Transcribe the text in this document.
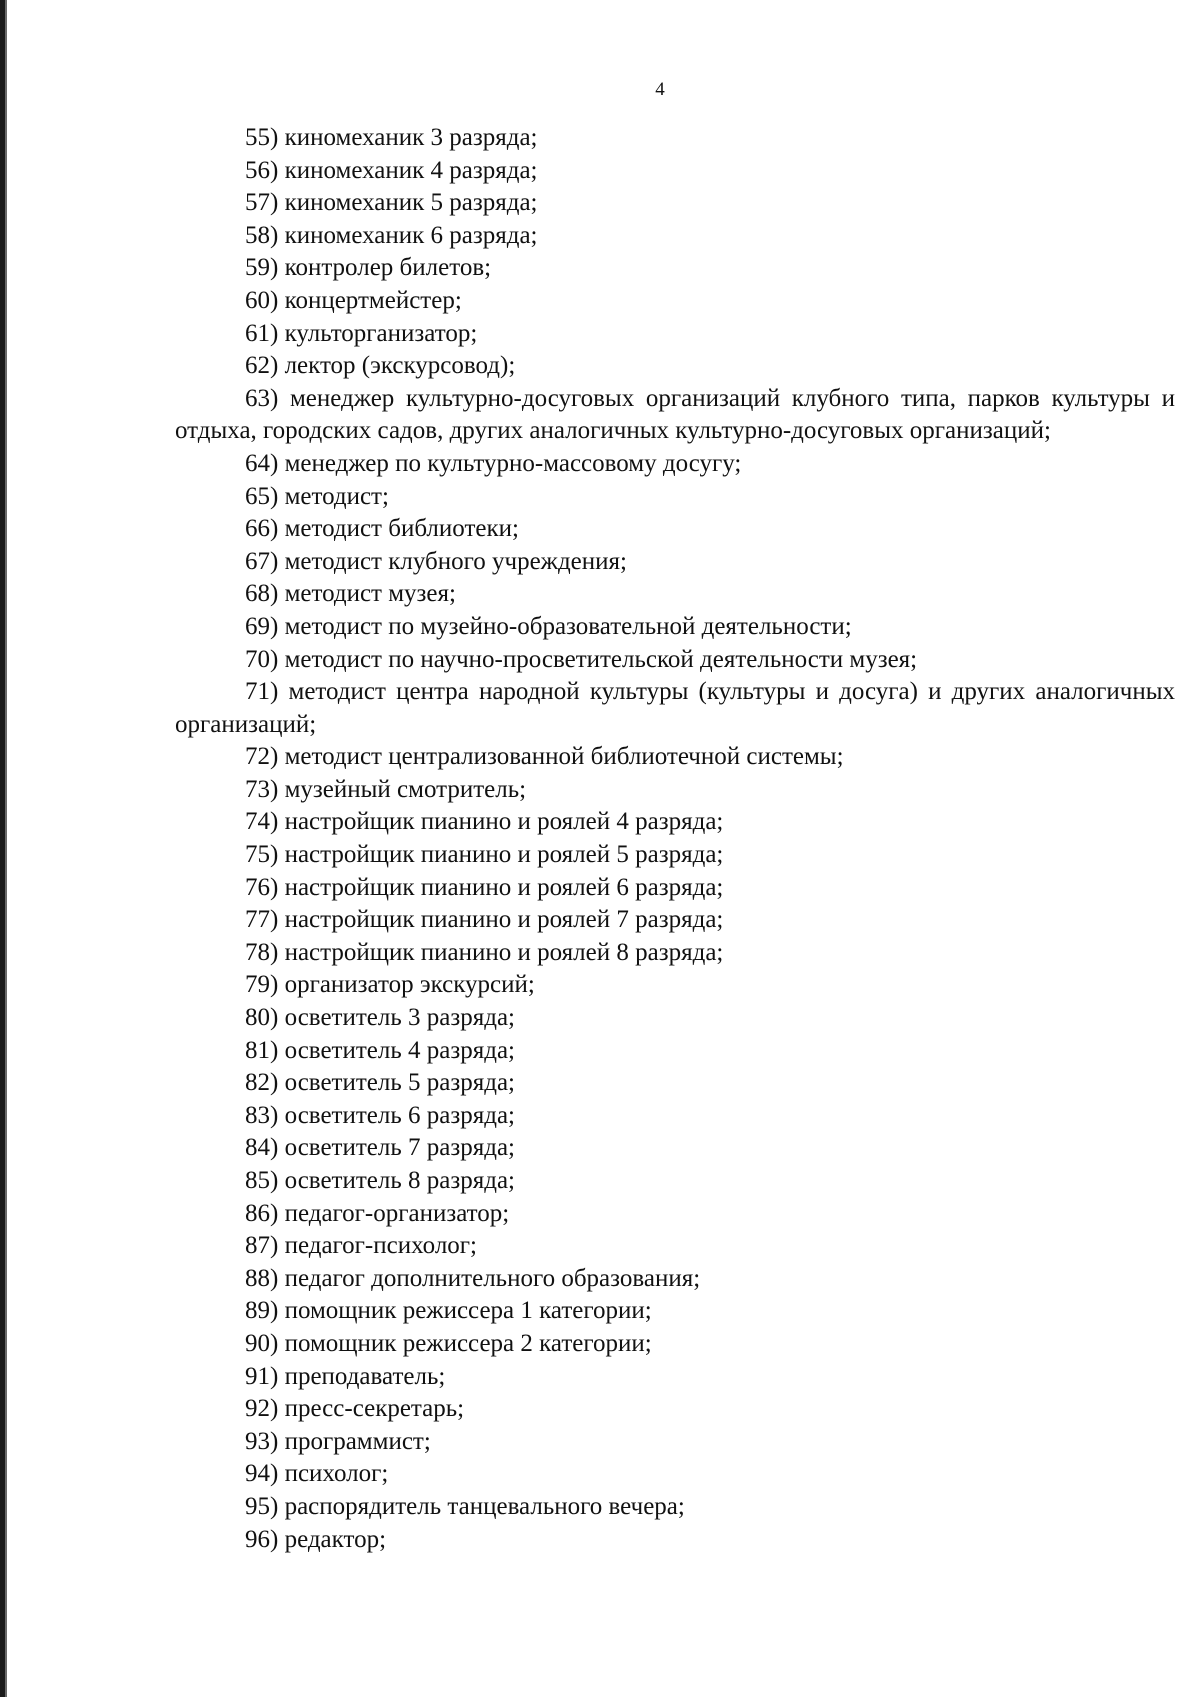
4
55) киномеханик 3 разряда;
56) киномеханик 4 разряда;
57) киномеханик 5 разряда;
58) киномеханик 6 разряда;
59) контролер билетов;
60) концертмейстер;
61) культорганизатор;
62) лектор (экскурсовод);
63) менеджер культурно-досуговых организаций клубного типа, парков культуры и отдыха, городских садов, других аналогичных культурно-досуговых организаций;
64) менеджер по культурно-массовому досугу;
65) методист;
66) методист библиотеки;
67) методист клубного учреждения;
68) методист музея;
69) методист по музейно-образовательной деятельности;
70) методист по научно-просветительской деятельности музея;
71) методист центра народной культуры (культуры и досуга) и других аналогичных организаций;
72) методист централизованной библиотечной системы;
73) музейный смотритель;
74) настройщик пианино и роялей 4 разряда;
75) настройщик пианино и роялей 5 разряда;
76) настройщик пианино и роялей 6 разряда;
77) настройщик пианино и роялей 7 разряда;
78) настройщик пианино и роялей 8 разряда;
79) организатор экскурсий;
80) осветитель 3 разряда;
81) осветитель 4 разряда;
82) осветитель 5 разряда;
83) осветитель 6 разряда;
84) осветитель 7 разряда;
85) осветитель 8 разряда;
86) педагог-организатор;
87) педагог-психолог;
88) педагог дополнительного образования;
89) помощник режиссера 1 категории;
90) помощник режиссера 2 категории;
91) преподаватель;
92) пресс-секретарь;
93) программист;
94) психолог;
95) распорядитель танцевального вечера;
96) редактор;
